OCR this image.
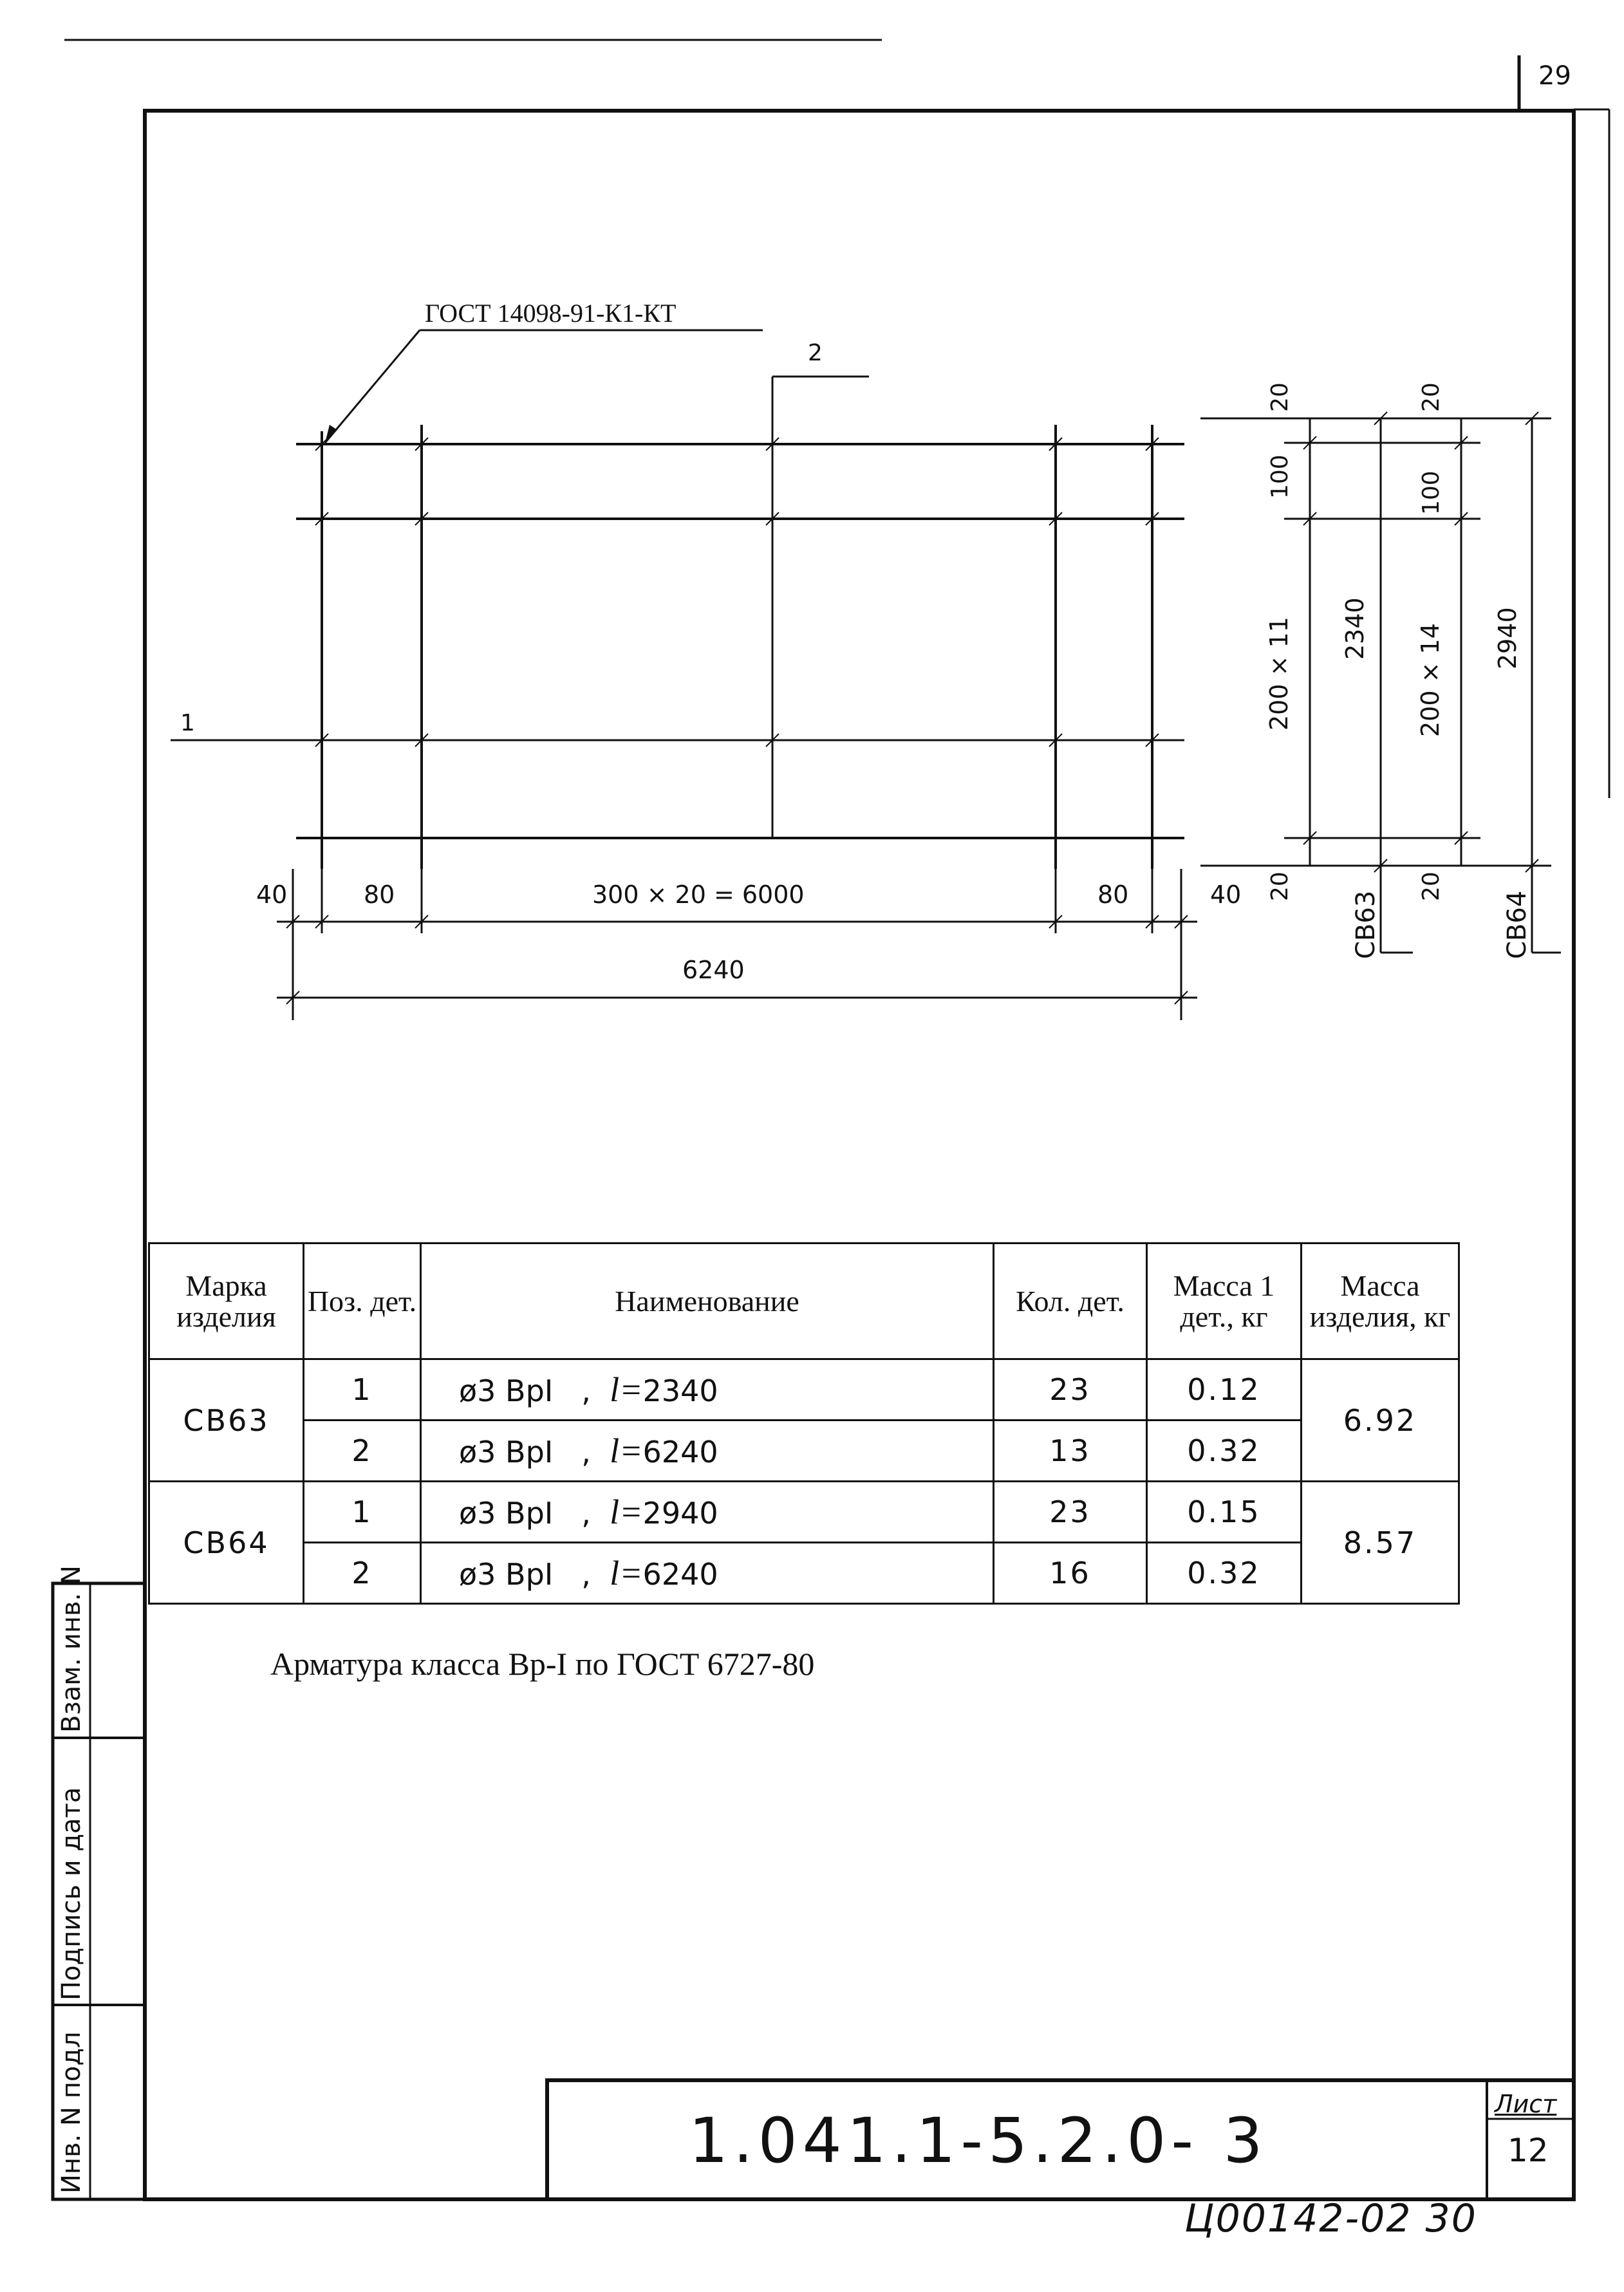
ГОСТ 14098-91-К1-КТ
2
1
40	80	300 × 20 = 6000	80	40
6240
20
100
200 × 11 2340
20
СВ63
20
100
200 × 14 2940
20
СВ64
29
Марка изделия	Поз. дет.	Наименование	Кол. дет.	Масса 1 дет., кг	Масса изделия, кг
СВ63	1	ø3 BpI   ,  l=2340	23	0.12	6.92
	2	ø3 BpI   ,  l=6240	13	0.32	
СВ64	1	ø3 BpI   ,  l=2940	23	0.15	8.57
	2	ø3 BpI   ,  l=6240	16	0.32	
Арматура класса Вр-I по ГОСТ 6727-80
Инв. N подл
Подпись и дата
Взам. инв. N
1.041.1-5.2.0- 3
Лист
12
Ц00142-02 30
